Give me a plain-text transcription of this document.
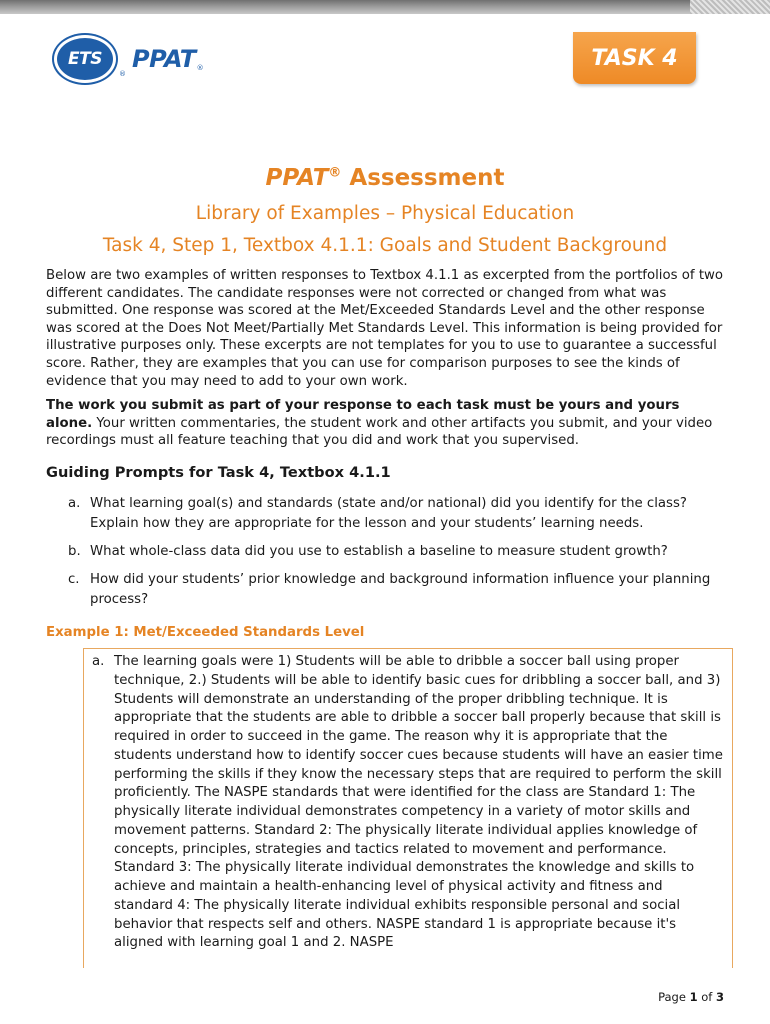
ETS
®
PPAT ®	TASK 4
PPAT® Assessment
Library of Examples – Physical Education
Task 4, Step 1, Textbox 4.1.1: Goals and Student Background
Below are two examples of written responses to Textbox 4.1.1 as excerpted from the portfolios of two different candidates. The candidate responses were not corrected or changed from what was submitted. One response was scored at the Met/Exceeded Standards Level and the other response was scored at the Does Not Meet/Partially Met Standards Level. This information is being provided for illustrative purposes only. These excerpts are not templates for you to use to guarantee a successful score. Rather, they are examples that you can use for comparison purposes to see the kinds of evidence that you may need to add to your own work.
The work you submit as part of your response to each task must be yours and yours alone. Your written commentaries, the student work and other artifacts you submit, and your video recordings must all feature teaching that you did and work that you supervised.
Guiding Prompts for Task 4, Textbox 4.1.1
a. What learning goal(s) and standards (state and/or national) did you identify for the class? Explain how they are appropriate for the lesson and your students’ learning needs.
b. What whole-class data did you use to establish a baseline to measure student growth?
c. How did your students’ prior knowledge and background information influence your planning process?
Example 1: Met/Exceeded Standards Level
a. The learning goals were 1) Students will be able to dribble a soccer ball using proper technique, 2.) Students will be able to identify basic cues for dribbling a soccer ball, and 3) Students will demonstrate an understanding of the proper dribbling technique. It is appropriate that the students are able to dribble a soccer ball properly because that skill is required in order to succeed in the game. The reason why it is appropriate that the students understand how to identify soccer cues because students will have an easier time performing the skills if they know the necessary steps that are required to perform the skill proficiently. The NASPE standards that were identified for the class are Standard 1: The physically literate individual demonstrates competency in a variety of motor skills and movement patterns. Standard 2: The physically literate individual applies knowledge of concepts, principles, strategies and tactics related to movement and performance. Standard 3: The physically literate individual demonstrates the knowledge and skills to achieve and maintain a health-enhancing level of physical activity and fitness and standard 4: The physically literate individual exhibits responsible personal and social behavior that respects self and others. NASPE standard 1 is appropriate because it's aligned with learning goal 1 and 2. NASPE
Page 1 of 3
